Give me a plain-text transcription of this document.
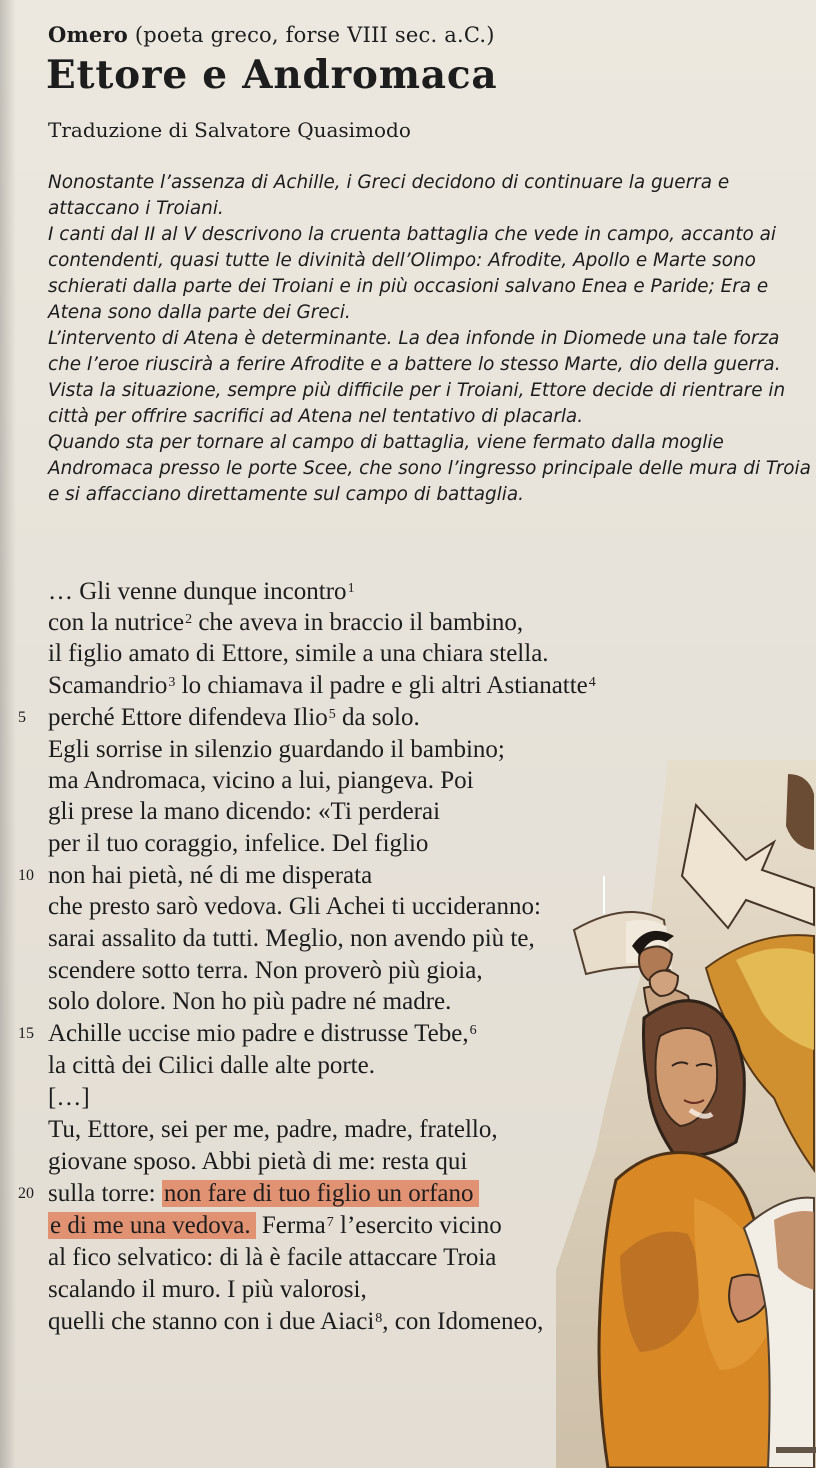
Omero (poeta greco, forse VIII sec. a.C.)
Ettore e Andromaca
Traduzione di Salvatore Quasimodo

Nonostante l’assenza di Achille, i Greci decidono di continuare la guerra e attaccano i Troiani.

I canti dal II al V descrivono la cruenta battaglia che vede in campo, accanto ai contendenti, quasi tutte le divinità dell’Olimpo: Afrodite, Apollo e Marte sono schierati dalla parte dei Troiani e in più occasioni salvano Enea e Paride; Era e Atena sono dalla parte dei Greci.

L’intervento di Atena è determinante. La dea infonde in Diomede una tale forza che l’eroe riuscirà a ferire Afrodite e a battere lo stesso Marte, dio della guerra. Vista la situazione, sempre più difficile per i Troiani, Ettore decide di rientrare in città per offrire sacrifici ad Atena nel tentativo di placarla.

Quando sta per tornare al campo di battaglia, viene fermato dalla moglie Andromaca presso le porte Scee, che sono l’ingresso principale delle mura di Troia e si affacciano direttamente sul campo di battaglia.

… Gli venne dunque incontro$^1$
con la nutrice$^2$ che aveva in braccio il bambino,
il figlio amato di Ettore, simile a una chiara stella.
Scamandrio$^3$ lo chiamava il padre e gli altri Astianatte$^4$
5 perché Ettore difendeva Ilio$^5$ da solo.
Egli sorrise in silenzio guardando il bambino;
ma Andromaca, vicino a lui, piangeva. Poi
gli prese la mano dicendo: «Ti perderai
per il tuo coraggio, infelice. Del figlio
10 non hai pietà, né di me disperata
che presto sarò vedova. Gli Achei ti uccideranno:
sarai assalito da tutti. Meglio, non avendo più te,
scendere sotto terra. Non proverò più gioia,
solo dolore. Non ho più padre né madre.
15 Achille uccise mio padre e distrusse Tebe,$^6$
la città dei Cilici dalle alte porte.
[…]
Tu, Ettore, sei per me, padre, madre, fratello,
giovane sposo. Abbi pietà di me: resta qui
20 sulla torre: non fare di tuo figlio un orfano
e di me una vedova. Ferma$^7$ l’esercito vicino
al fico selvatico: di là è facile attaccare Troia
scalando il muro. I più valorosi,
quelli che stanno con i due Aiaci$^8$, con Idomeneo,
